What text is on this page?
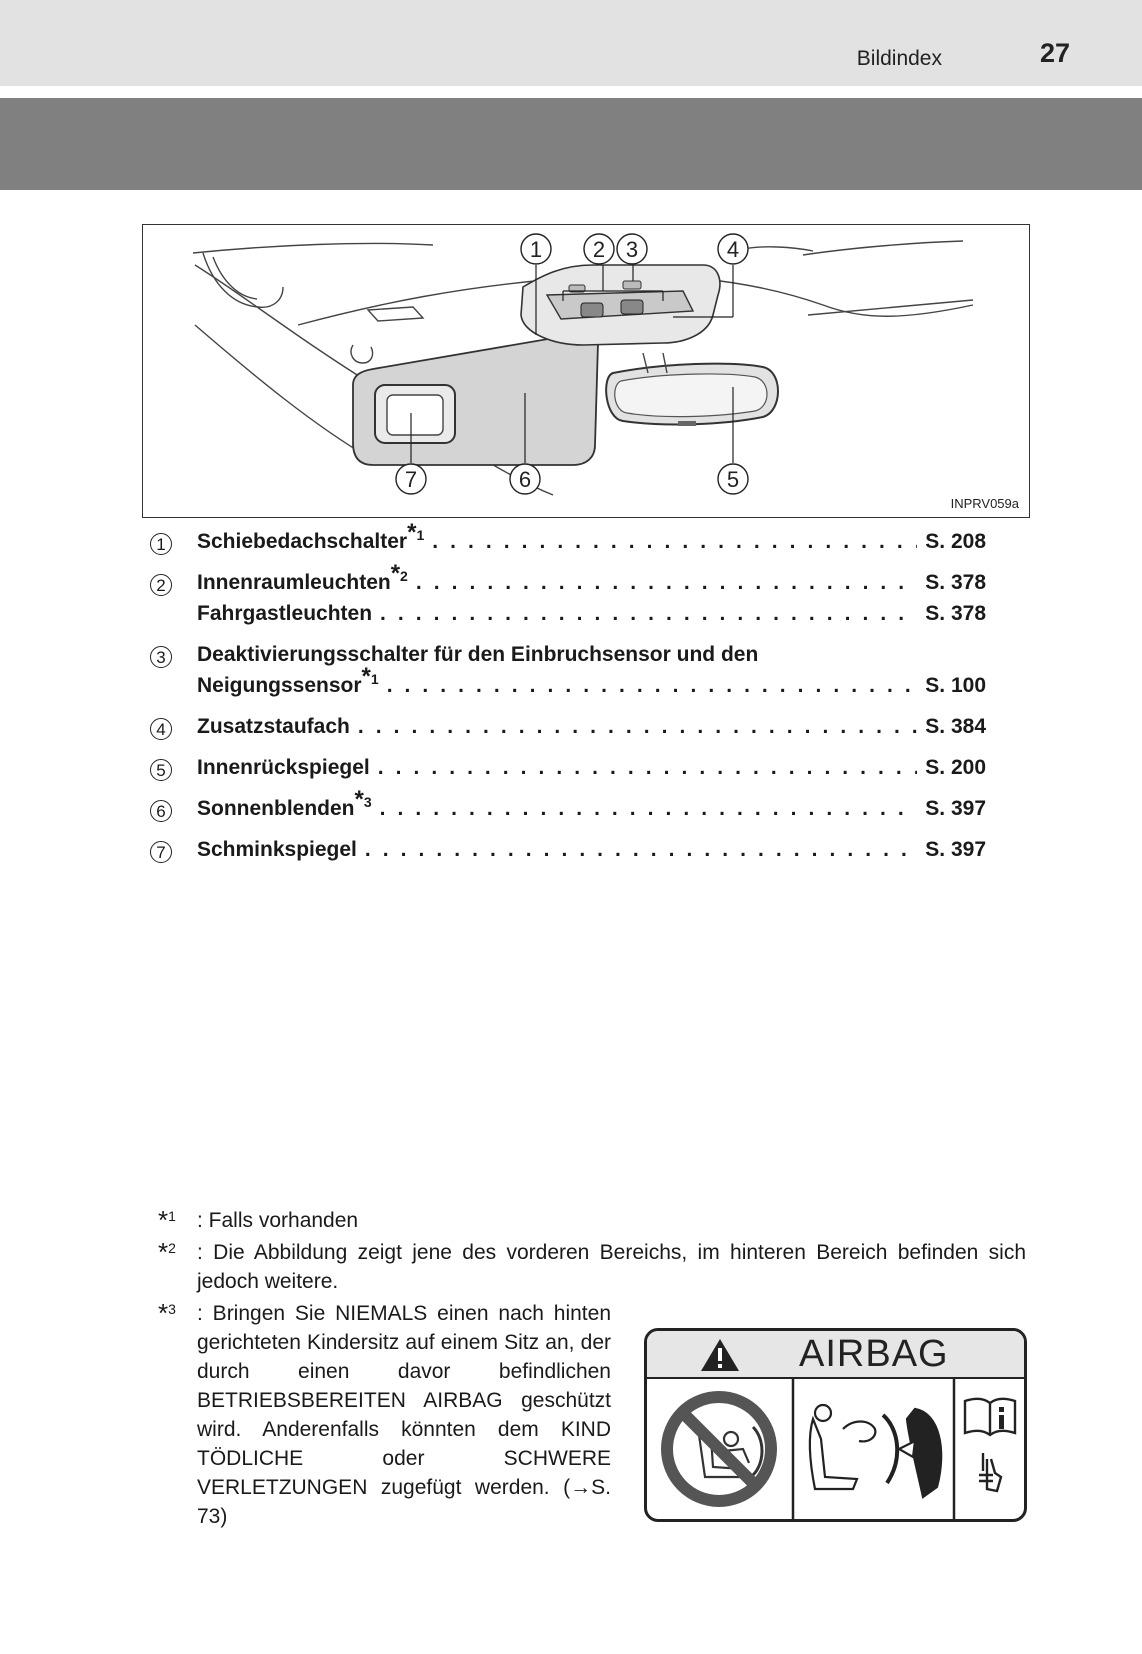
Bildindex	27
1 2 3	4
5
6
7
INPRV059a
1 Schiebedachschalter$^{*1}$ . . .	S. 208
2 Innenraumleuchten$^{*2}$ . . .	S. 378
Fahrgastleuchten . . .	S. 378
3 Deaktivierungsschalter für den Einbruchsensor und den
Neigungssensor$^{*1}$ . . .	S. 100
4 Zusatzstaufach . . .	S. 384
5 Innenrückspiegel . . .	S. 200
6 Sonnenblenden$^{*3}$ . . .	S. 397
7 Schminkspiegel . . .	S. 397
*$^1$ : Falls vorhanden
*$^2$ : Die Abbildung zeigt jene des vorderen Bereichs, im hinteren Bereich befinden sich jedoch weitere.
*$^3$ : Bringen Sie NIEMALS einen nach hinten gerichteten Kindersitz auf einem Sitz an, der durch einen davor befindlichen BETRIEBSBEREITEN AIRBAG geschützt wird. Anderenfalls könnten dem KIND TÖDLICHE oder SCHWERE VERLETZUNGEN zugefügt werden. (→S. 73)
AIRBAG
